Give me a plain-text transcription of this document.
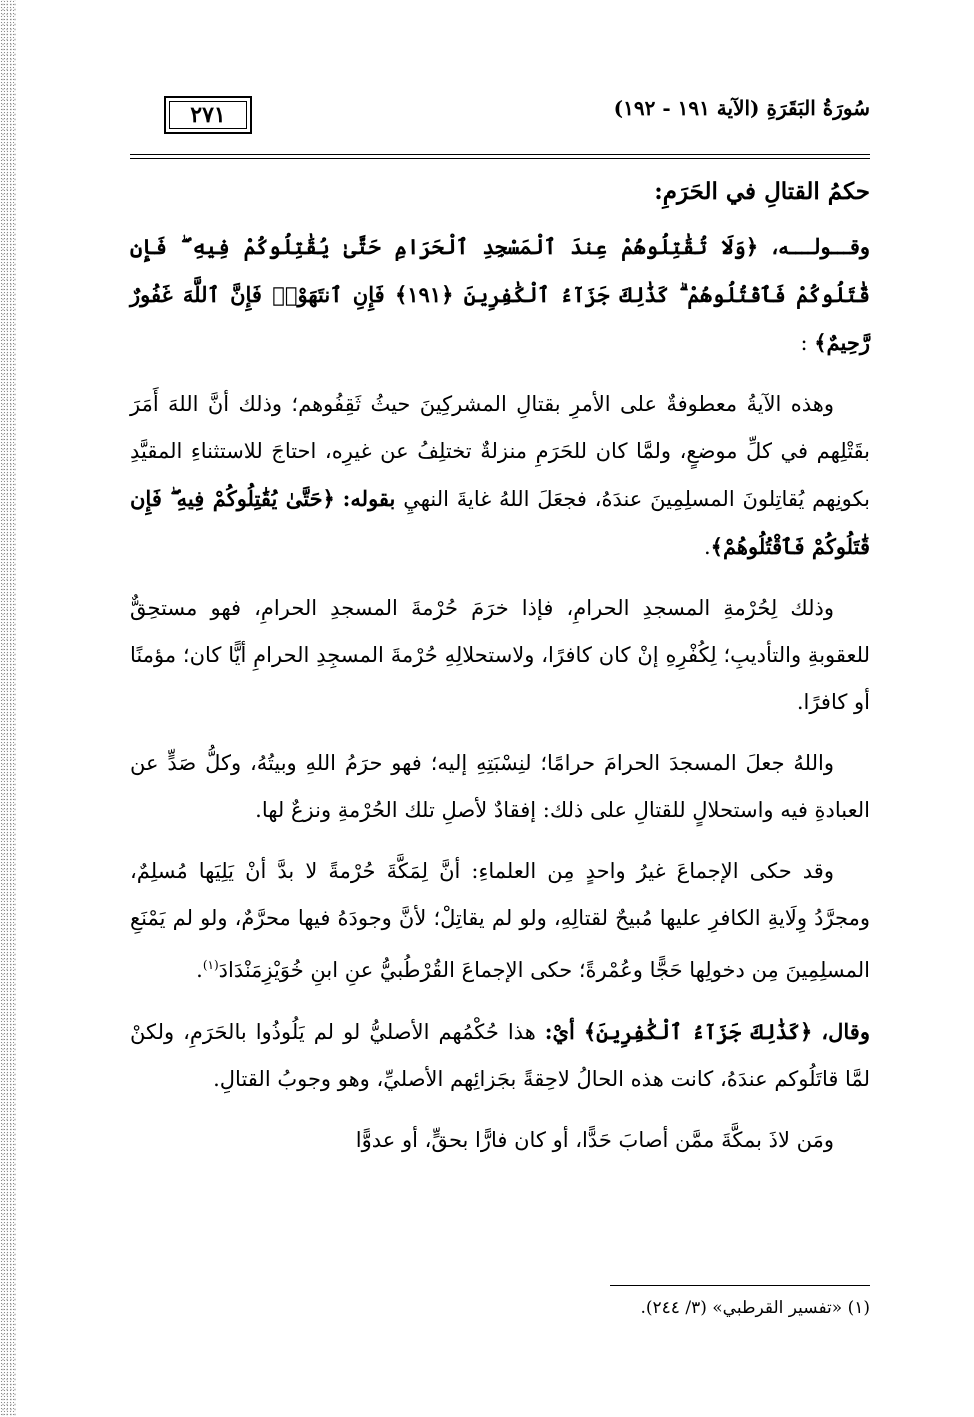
سُورَةُ البَقَرَةِ (الآية ١٩١ - ١٩٢)
٢٧١
حكمُ القتالِ في الحَرَمِ:

وقـــولــــه، ﴿وَلَا تُقَٰتِلُوهُمْ عِندَ ٱلْمَسْجِدِ ٱلْحَرَامِ حَتَّىٰ يُقَٰتِلُوكُمْ فِيهِ ۖ فَإِن قَٰتَلُوكُمْ فَٱقْتُلُوهُمْ ۗ كَذَٰلِكَ جَزَآءُ ٱلْكَٰفِرِينَ ﴿١٩١﴾ فَإِنِ ٱنتَهَوْا۟ فَإِنَّ ٱللَّهَ غَفُورٌ رَّحِيمٌ﴾ :

وهذه الآيةُ معطوفةٌ على الأمرِ بقتالِ المشركِينَ حيثُ ثَقِفُوهم؛ وذلك أنَّ اللهَ أَمَرَ بقَتْلِهم في كلِّ موضعٍ، ولمَّا كان للحَرَمِ منزلةٌ تختلِفُ عن غيرِه، احتاجَ للاستثناءِ المقيَّدِ بكونِهم يُقاتِلونَ المسلِمِينَ عندَهُ، فجعَلَ اللهُ غايةَ النهيِ بقوله: ﴿حَتَّىٰ يُقَٰتِلُوكُمْ فِيهِ ۖ فَإِن قَٰتَلُوكُمْ فَٱقْتُلُوهُمْ﴾.

وذلك لِحُرْمةِ المسجدِ الحرامِ، فإذا خرَمَ حُرْمةَ المسجدِ الحرامِ، فهو مستحِقٌّ للعقوبةِ والتأديبِ؛ لِكُفْرِهِ إنْ كان كافرًا، ولاستحلالِهِ حُرْمةَ المسجِدِ الحرامِ أيًّا كان؛ مؤمنًا أو كافرًا.

واللهُ جعلَ المسجدَ الحرامَ حرامًا؛ لنِسْبَتِهِ إليه؛ فهو حرَمُ اللهِ وبيتُهُ، وكلُّ صَدٍّ عن العبادةِ فيه واستحلالٍ للقتالِ على ذلك: إفقادٌ لأصلِ تلك الحُرْمةِ ونزعٌ لها.

وقد حكى الإجماعَ غيرُ واحدٍ مِن العلماءِ: أنَّ لِمَكَّةَ حُرْمةً لا بدَّ أنْ يَلِيَها مُسلِمٌ، ومجرَّدُ وِلَايةِ الكافرِ عليها مُبيحٌ لقتالِهِ، ولو لم يقاتِلْ؛ لأنَّ وجودَهُ فيها محرَّمٌ، ولو لم يَمْنَعِ المسلِمِينَ مِن دخولِها حَجًّا وعُمْرةً؛ حكى الإجماعَ القُرْطُبيُّ عنِ ابنِ خُوَيْزِمَنْدَادَ$^{(١)}$.

وقال، ﴿كَذَٰلِكَ جَزَآءُ ٱلْكَٰفِرِينَ﴾ أيْ: هذا حُكْمُهم الأصليُّ لو لم يَلُوذُوا بالحَرَمِ، ولكنْ لمَّا قاتَلُوكم عندَهُ، كانت هذه الحالُ لاحِقةً بجَزائِهم الأصليِّ، وهو وجوبُ القتالِ.

ومَن لاذَ بمكَّةَ ممَّن أصابَ حَدًّا، أو كان فارًّا بحقٍّ، أو عدوًّا

(١) «تفسير القرطبي» (٣/ ٢٤٤).
